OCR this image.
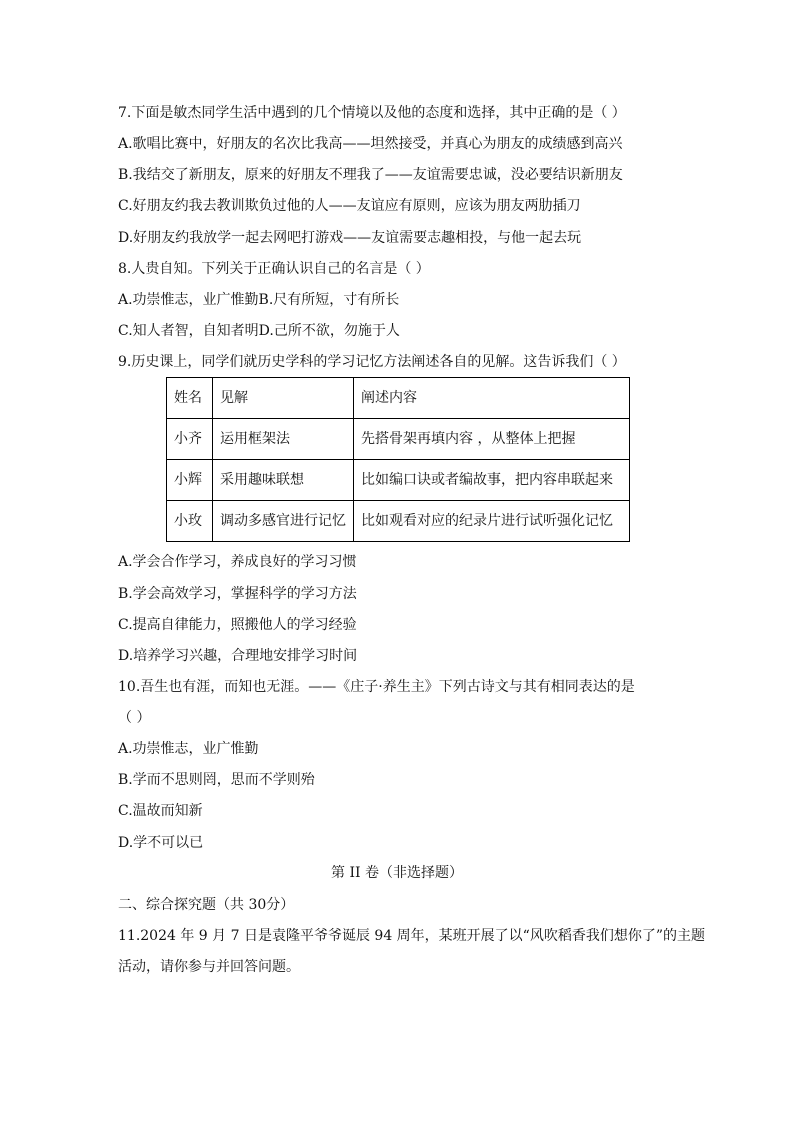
7.下面是敏杰同学生活中遇到的几个情境以及他的态度和选择，其中正确的是（ ）
A.歌唱比赛中，好朋友的名次比我高——坦然接受，并真心为朋友的成绩感到高兴
B.我结交了新朋友，原来的好朋友不理我了——友谊需要忠诚，没必要结识新朋友
C.好朋友约我去教训欺负过他的人——友谊应有原则，应该为朋友两肋插刀
D.好朋友约我放学一起去网吧打游戏——友谊需要志趣相投，与他一起去玩
8.人贵自知。下列关于正确认识自己的名言是（ ）
A.功崇惟志，业广惟勤B.尺有所短，寸有所长
C.知人者智，自知者明D.己所不欲，勿施于人
9.历史课上，同学们就历史学科的学习记忆方法阐述各自的见解。这告诉我们（ ）
姓名	见解	阐述内容
小齐	运用框架法	先搭骨架再填内容 ，从整体上把握
小辉	采用趣味联想	比如编口诀或者编故事，把内容串联起来
小玫	调动多感官进行记忆	比如观看对应的纪录片进行试听强化记忆
A.学会合作学习，养成良好的学习习惯
B.学会高效学习，掌握科学的学习方法
C.提高自律能力，照搬他人的学习经验
D.培养学习兴趣，合理地安排学习时间
10.吾生也有涯，而知也无涯。——《庄子·养生主》下列古诗文与其有相同表达的是
（ ）
A.功崇惟志，业广惟勤
B.学而不思则罔，思而不学则殆
C.温故而知新
D.学不可以已
第 II 卷（非选择题）
二、综合探究题（共 30分）
11.2024 年 9 月 7 日是袁隆平爷爷诞辰 94 周年，某班开展了以“风吹稻香我们想你了”的主题
活动，请你参与并回答问题。
